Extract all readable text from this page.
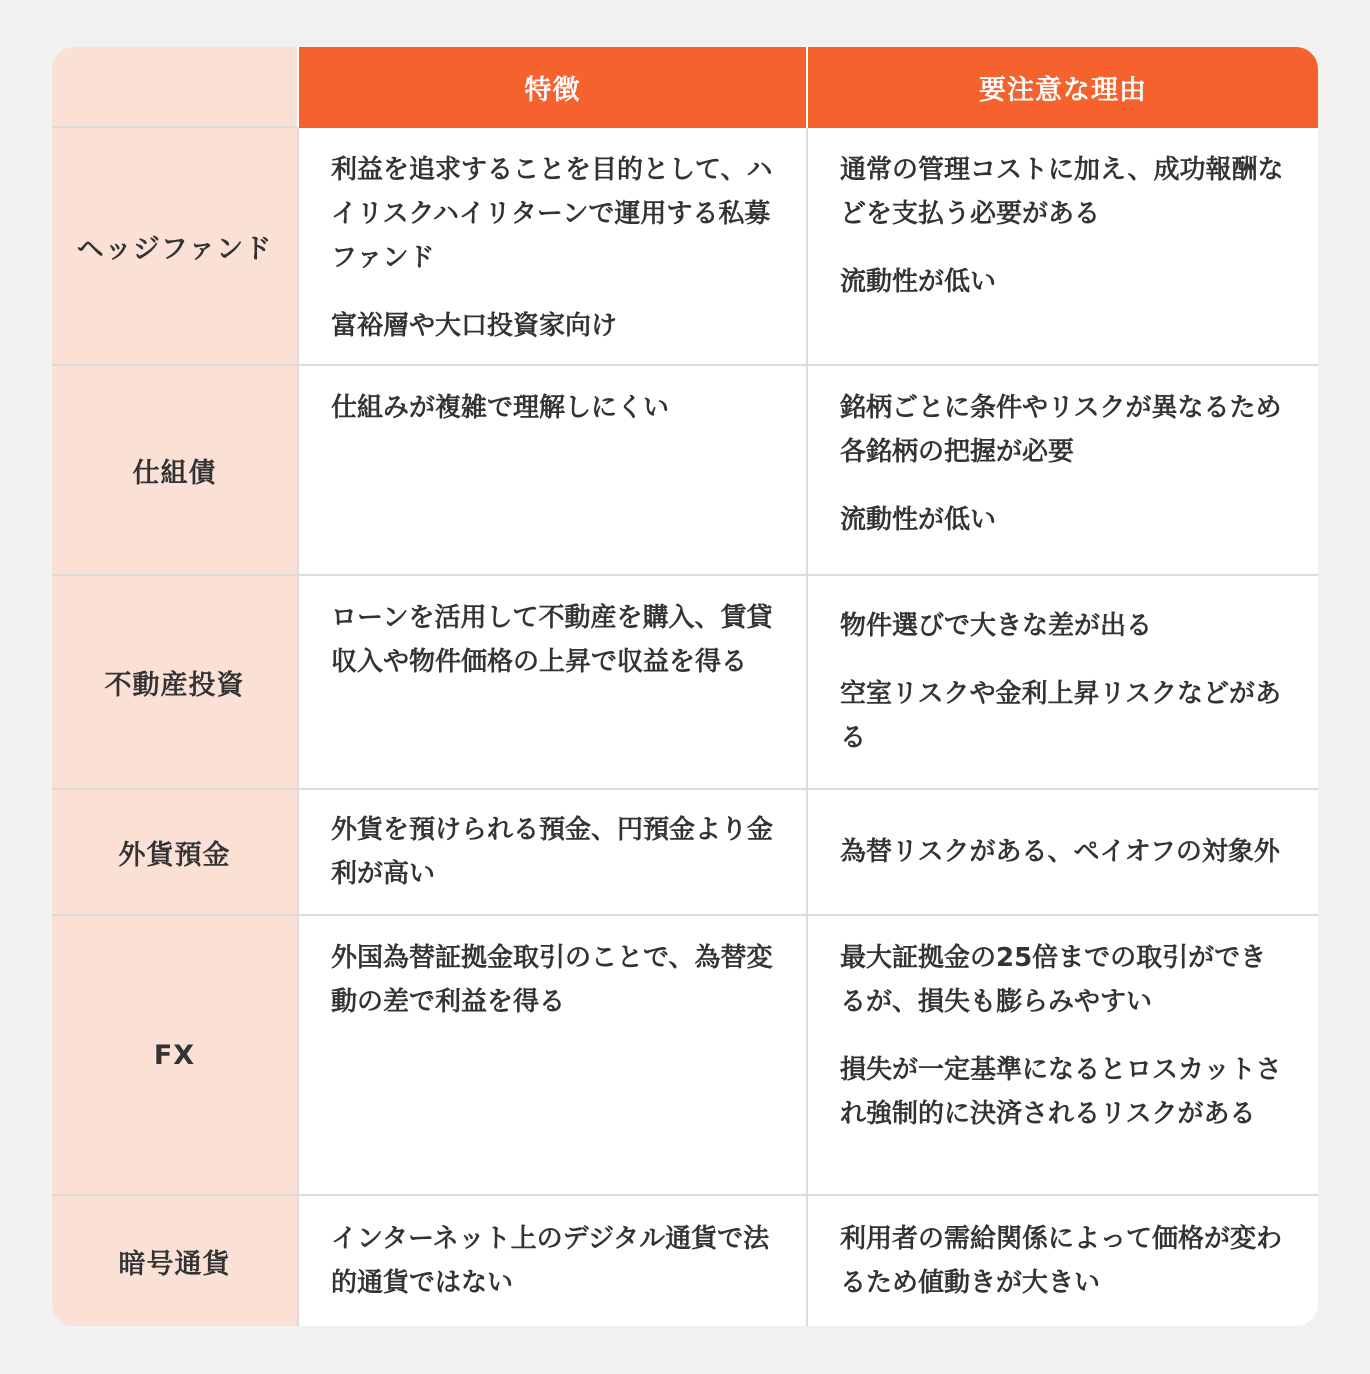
特徴	要注意な理由
ヘッジファンド

利益を追求することを目的として、ハイリスクハイリターンで運用する私募ファンド

富裕層や大口投資家向け

通常の管理コストに加え、成功報酬などを支払う必要がある

流動性が低い

仕組債

仕組みが複雑で理解しにくい	銘柄ごとに条件やリスクが異なるため各銘柄の把握が必要

流動性が低い

不動産投資

ローンを活用して不動産を購入、賃貸収入や物件価格の上昇で収益を得る

物件選びで大きな差が出る

空室リスクや金利上昇リスクなどがある

外貨預金

外貨を預けられる預金、円預金より金利が高い

為替リスクがある、ペイオフの対象外

FX

外国為替証拠金取引のことで、為替変動の差で利益を得る

最大証拠金の25倍までの取引ができるが、損失も膨らみやすい

損失が一定基準になるとロスカットされ強制的に決済されるリスクがある

暗号通貨

インターネット上のデジタル通貨で法的通貨ではない

利用者の需給関係によって価格が変わるため値動きが大きい
